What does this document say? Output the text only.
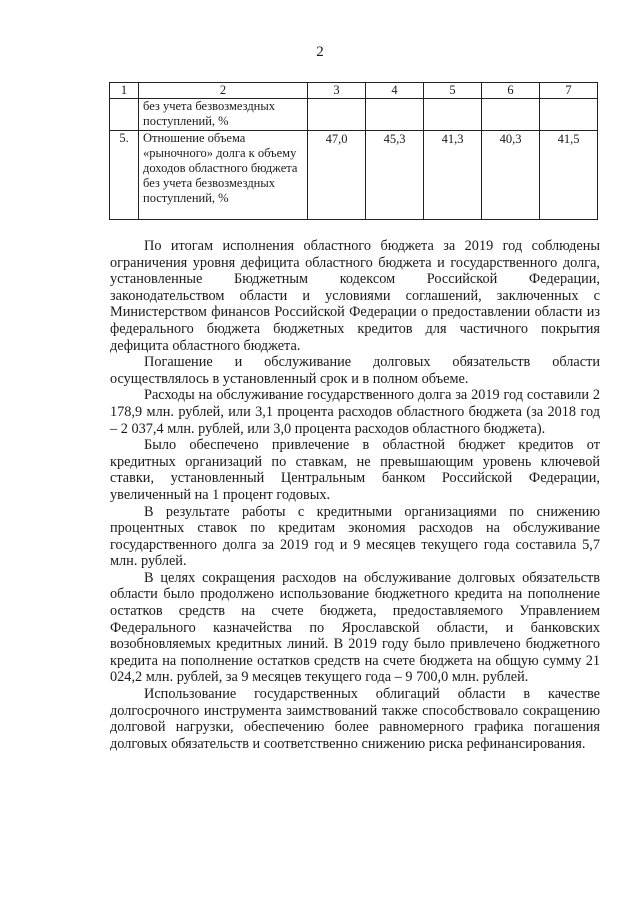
2
1	2	3	4	5	6	7
	без учета безвозмездных поступлений, %					
5.	Отношение объема «рыночного» долга к объему доходов областного бюджета без учета безвозмездных поступлений, %	47,0	45,3	41,3	40,3	41,5

По итогам исполнения областного бюджета за 2019 год соблюдены ограничения уровня дефицита областного бюджета и государственного долга, установленные Бюджетным кодексом Российской Федерации, законодательством области и условиями соглашений, заключенных с Министерством финансов Российской Федерации о предоставлении области из федерального бюджета бюджетных кредитов для частичного покрытия дефицита областного бюджета.

Погашение и обслуживание долговых обязательств области осуществлялось в установленный срок и в полном объеме.

Расходы на обслуживание государственного долга за 2019 год составили 2 178,9 млн. рублей, или 3,1 процента расходов областного бюджета (за 2018 год – 2 037,4 млн. рублей, или 3,0 процента расходов областного бюджета).

Было обеспечено привлечение в областной бюджет кредитов от кредитных организаций по ставкам, не превышающим уровень ключевой ставки, установленный Центральным банком Российской Федерации, увеличенный на 1 процент годовых.

В результате работы с кредитными организациями по снижению процентных ставок по кредитам экономия расходов на обслуживание государственного долга за 2019 год и 9 месяцев текущего года составила 5,7 млн. рублей.

В целях сокращения расходов на обслуживание долговых обязательств области было продолжено использование бюджетного кредита на пополнение остатков средств на счете бюджета, предоставляемого Управлением Федерального казначейства по Ярославской области, и банковских возобновляемых кредитных линий. В 2019 году было привлечено бюджетного кредита на пополнение остатков средств на счете бюджета на общую сумму 21 024,2 млн. рублей, за 9 месяцев текущего года – 9 700,0 млн. рублей.

Использование государственных облигаций области в качестве долгосрочного инструмента заимствований также способствовало сокращению долговой нагрузки, обеспечению более равномерного графика погашения долговых обязательств и соответственно снижению риска рефинансирования.
